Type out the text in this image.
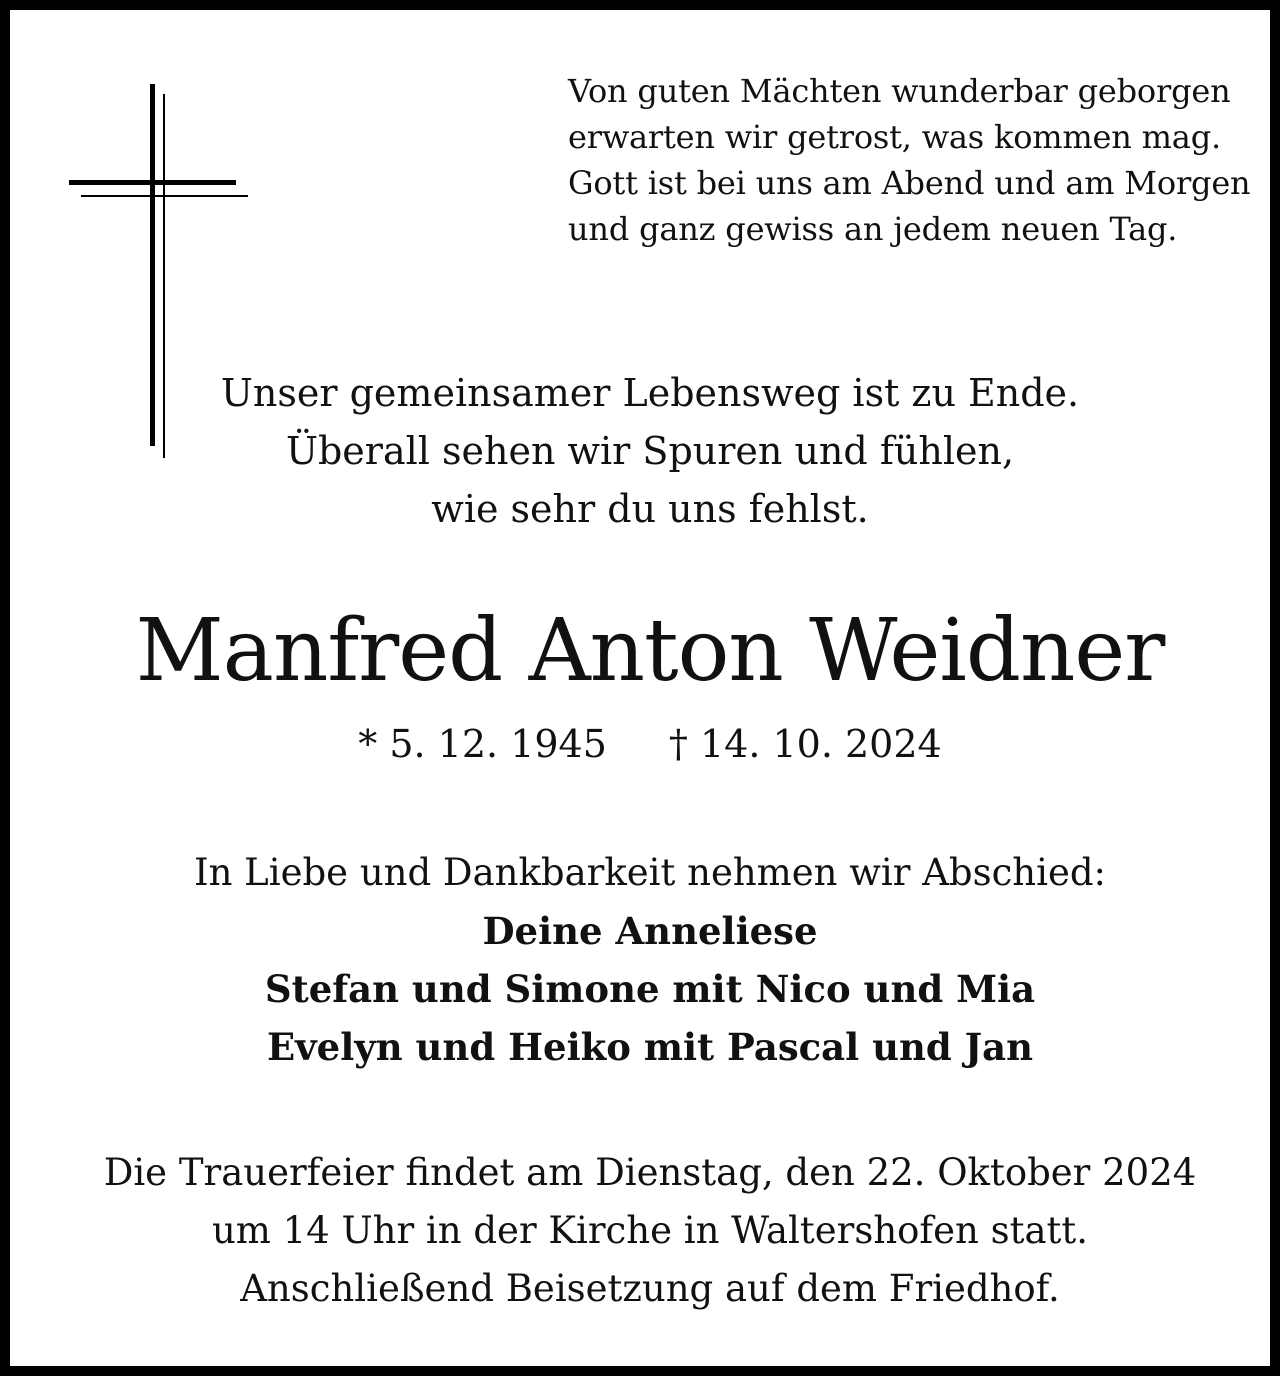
Von guten Mächten wunderbar geborgen
erwarten wir getrost, was kommen mag.
Gott ist bei uns am Abend und am Morgen
und ganz gewiss an jedem neuen Tag.
Unser gemeinsamer Lebensweg ist zu Ende.
Überall sehen wir Spuren und fühlen,
wie sehr du uns fehlst.
Manfred Anton Weidner
* 5. 12. 1945 † 14. 10. 2024
In Liebe und Dankbarkeit nehmen wir Abschied:
Deine Anneliese
Stefan und Simone mit Nico und Mia
Evelyn und Heiko mit Pascal und Jan
Die Trauerfeier findet am Dienstag, den 22. Oktober 2024
um 14 Uhr in der Kirche in Waltershofen statt.
Anschließend Beisetzung auf dem Friedhof.
